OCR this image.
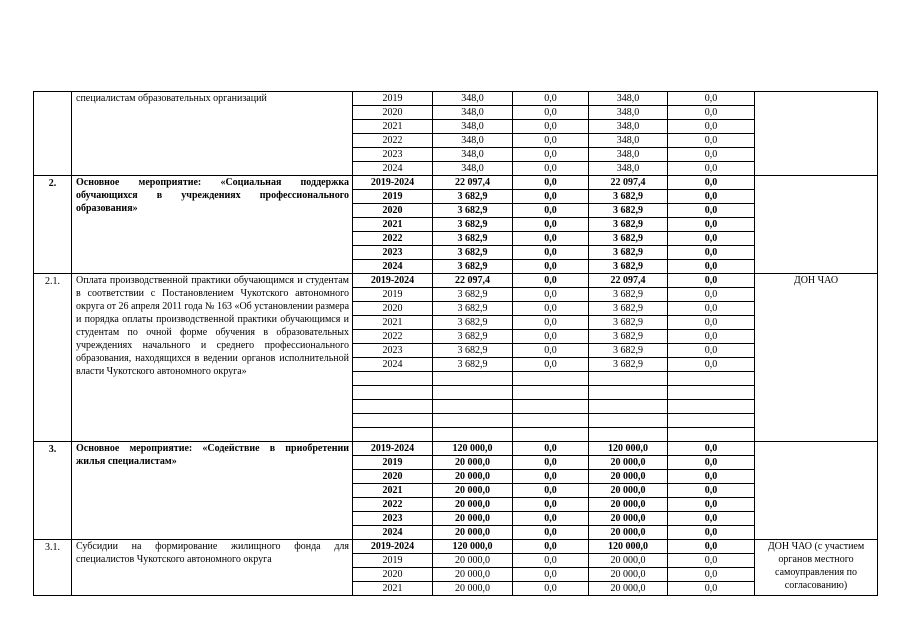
	специалистам образовательных организаций	2019	348,0	0,0	348,0	0,0	
		2020	348,0	0,0	348,0	0,0	
		2021	348,0	0,0	348,0	0,0	
		2022	348,0	0,0	348,0	0,0	
		2023	348,0	0,0	348,0	0,0	
		2024	348,0	0,0	348,0	0,0	
2.	Основное мероприятие: «Социальная поддержка обучающихся в учреждениях профессионального образования»	2019-2024	22 097,4	0,0	22 097,4	0,0	
		2019	3 682,9	0,0	3 682,9	0,0	
		2020	3 682,9	0,0	3 682,9	0,0	
		2021	3 682,9	0,0	3 682,9	0,0	
		2022	3 682,9	0,0	3 682,9	0,0	
		2023	3 682,9	0,0	3 682,9	0,0	
		2024	3 682,9	0,0	3 682,9	0,0	
2.1.	Оплата производственной практики обучающимся и студентам в соответствии с Постановлением Чукотского автономного округа от 26 апреля 2011 года № 163 «Об установлении размера и порядка оплаты производственной практики обучающимся и студентам по очной форме обучения в образовательных учреждениях начального и среднего профессионального образования, находящихся в ведении органов исполнительной власти Чукотского автономного округа»	2019-2024	22 097,4	0,0	22 097,4	0,0	ДОН ЧАО
		2019	3 682,9	0,0	3 682,9	0,0	
		2020	3 682,9	0,0	3 682,9	0,0	
		2021	3 682,9	0,0	3 682,9	0,0	
		2022	3 682,9	0,0	3 682,9	0,0	
		2023	3 682,9	0,0	3 682,9	0,0	
		2024	3 682,9	0,0	3 682,9	0,0	

3.	Основное мероприятие: «Содействие в приобретении жилья специалистам»	2019-2024	120 000,0	0,0	120 000,0	0,0	
		2019	20 000,0	0,0	20 000,0	0,0	
		2020	20 000,0	0,0	20 000,0	0,0	
		2021	20 000,0	0,0	20 000,0	0,0	
		2022	20 000,0	0,0	20 000,0	0,0	
		2023	20 000,0	0,0	20 000,0	0,0	
		2024	20 000,0	0,0	20 000,0	0,0	
3.1.	Субсидии на формирование жилищного фонда для специалистов Чукотского автономного округа	2019-2024	120 000,0	0,0	120 000,0	0,0	ДОН ЧАО (с участием органов местного самоуправления по согласованию)
		2019	20 000,0	0,0	20 000,0	0,0	
		2020	20 000,0	0,0	20 000,0	0,0	
		2021	20 000,0	0,0	20 000,0	0,0	
